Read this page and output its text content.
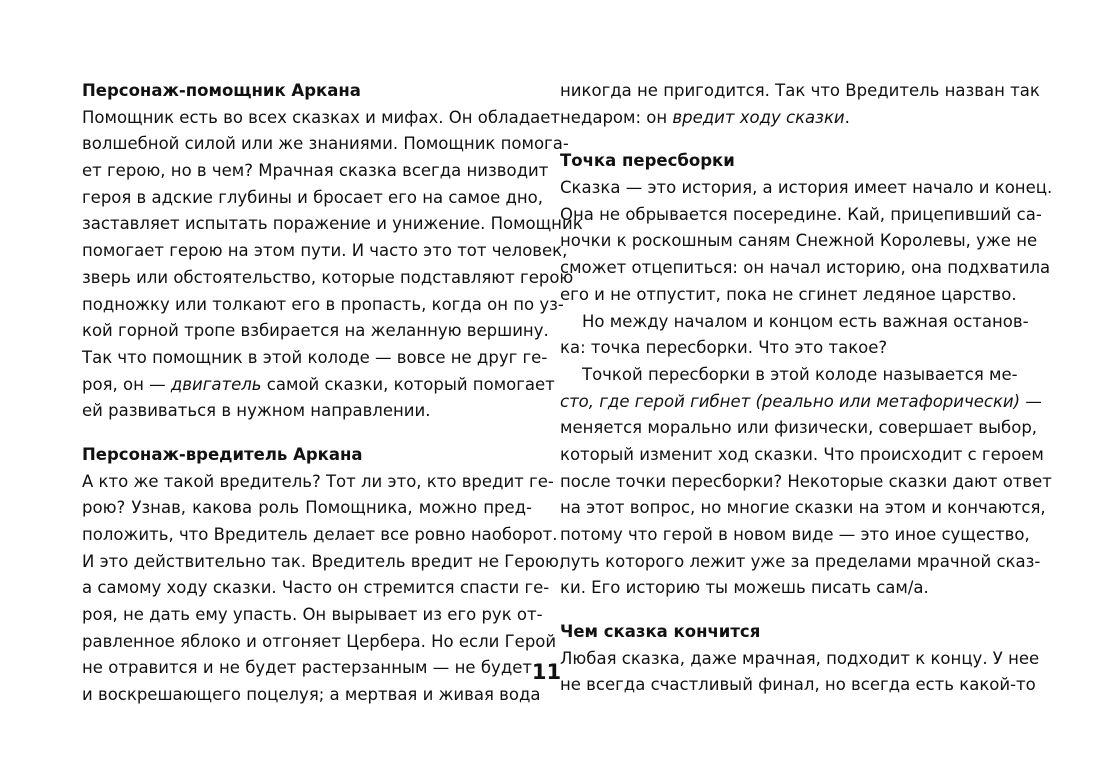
Персонаж-помощник Аркана
Помощник есть во всех сказках и мифах. Он обладает
волшебной силой или же знаниями. Помощник помога-
ет герою, но в чем? Мрачная сказка всегда низводит
героя в адские глубины и бросает его на самое дно,
заставляет испытать поражение и унижение. Помощник
помогает герою на этом пути. И часто это тот человек,
зверь или обстоятельство, которые подставляют герою
подножку или толкают его в пропасть, когда он по уз-
кой горной тропе взбирается на желанную вершину.
Так что помощник в этой колоде — вовсе не друг ге-
роя, он — двигатель самой сказки, который помогает
ей развиваться в нужном направлении.
Персонаж-вредитель Аркана
А кто же такой вредитель? Тот ли это, кто вредит ге-
рою? Узнав, какова роль Помощника, можно пред-
положить, что Вредитель делает все ровно наоборот.
И это действительно так. Вредитель вредит не Герою,
а самому ходу сказки. Часто он стремится спасти ге-
роя, не дать ему упасть. Он вырывает из его рук от-
равленное яблоко и отгоняет Цербера. Но если Герой
не отравится и не будет растерзанным — не будет
и воскрешающего поцелуя; а мертвая и живая вода
никогда не пригодится. Так что Вредитель назван так
недаром: он вредит ходу сказки.
Точка пересборки
Сказка — это история, а история имеет начало и конец.
Она не обрывается посередине. Кай, прицепивший са-
ночки к роскошным саням Снежной Королевы, уже не
сможет отцепиться: он начал историю, она подхватила
его и не отпустит, пока не сгинет ледяное царство.
Но между началом и концом есть важная останов-
ка: точка пересборки. Что это такое?
Точкой пересборки в этой колоде называется ме-
сто, где герой гибнет (реально или метафорически) —
меняется морально или физически, совершает выбор,
который изменит ход сказки. Что происходит с героем
после точки пересборки? Некоторые сказки дают ответ
на этот вопрос, но многие сказки на этом и кончаются,
потому что герой в новом виде — это иное существо,
путь которого лежит уже за пределами мрачной сказ-
ки. Его историю ты можешь писать сам/а.
Чем сказка кончится
Любая сказка, даже мрачная, подходит к концу. У нее
не всегда счастливый финал, но всегда есть какой-то
11
